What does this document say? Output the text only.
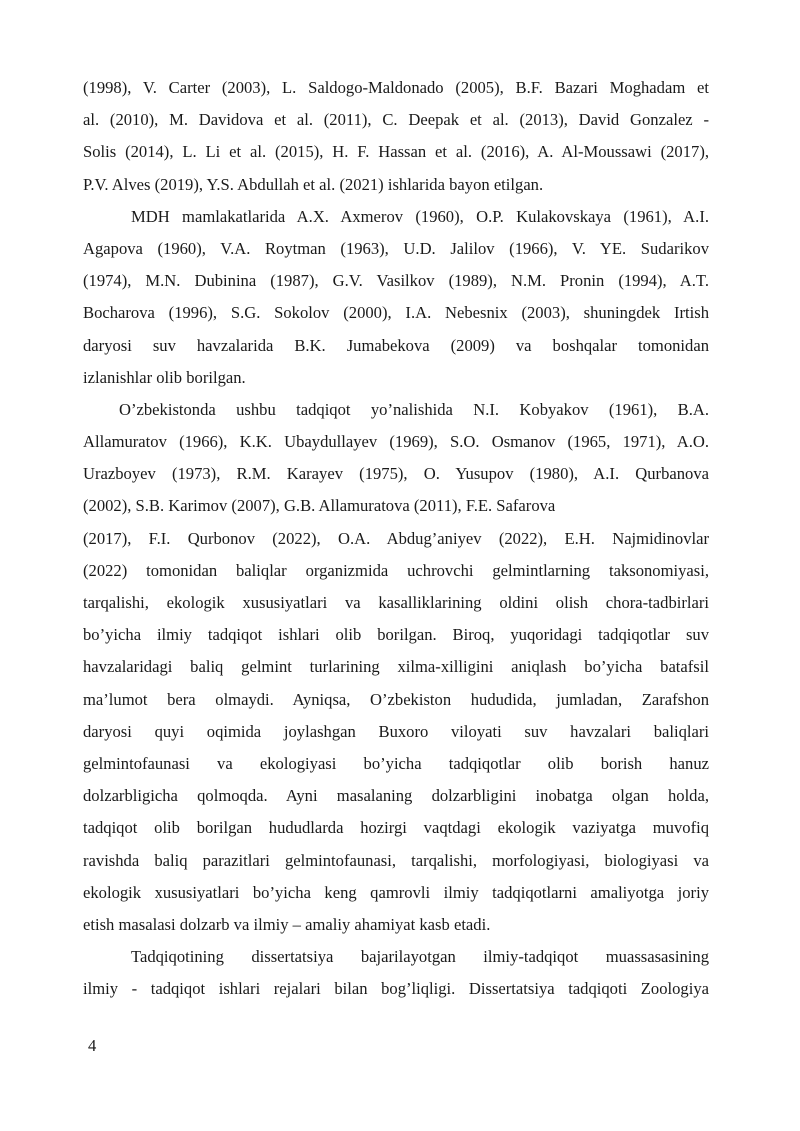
(1998), V. Carter (2003), L. Saldogo-Maldonado (2005), B.F. Bazari Moghadam et
al. (2010), M. Davidova et al. (2011), C. Deepak et al. (2013), David Gonzalez -
Solis (2014), L. Li et al. (2015), H. F. Hassan et al. (2016), A. Al-Moussawi (2017),
P.V. Alves (2019), Y.S. Abdullah et al. (2021) ishlarida bayon etilgan.
MDH mamlakatlarida A.X. Axmerov (1960), O.P. Kulakovskaya (1961), A.I.
Agapova (1960), V.A. Roytman (1963), U.D. Jalilov (1966), V. YE. Sudarikov
(1974), M.N. Dubinina (1987), G.V. Vasilkov (1989), N.M. Pronin (1994), A.T.
Bocharova (1996), S.G. Sokolov (2000), I.A. Nebesnix (2003), shuningdek Irtish
daryosi suv havzalarida B.K. Jumabekova (2009) va boshqalar tomonidan
izlanishlar olib borilgan.
O’zbekistonda ushbu tadqiqot yo’nalishida N.I. Kobyakov (1961), B.A.
Allamuratov (1966), K.K. Ubaydullayev (1969), S.O. Osmanov (1965, 1971), A.O.
Urazboyev (1973), R.M. Karayev (1975), O. Yusupov (1980), A.I. Qurbanova
(2002), S.B. Karimov (2007), G.B. Allamuratova (2011), F.E. Safarova
(2017), F.I. Qurbonov (2022), O.A. Abdug’aniyev (2022), E.H. Najmidinovlar
(2022) tomonidan baliqlar organizmida uchrovchi gelmintlarning taksonomiyasi,
tarqalishi, ekologik xususiyatlari va kasalliklarining oldini olish chora-tadbirlari
bo’yicha ilmiy tadqiqot ishlari olib borilgan. Biroq, yuqoridagi tadqiqotlar suv
havzalaridagi baliq gelmint turlarining xilma-xilligini aniqlash bo’yicha batafsil
ma’lumot bera olmaydi. Ayniqsa, O’zbekiston hududida, jumladan, Zarafshon
daryosi quyi oqimida joylashgan Buxoro viloyati suv havzalari baliqlari
gelmintofaunasi va ekologiyasi bo’yicha tadqiqotlar olib borish hanuz
dolzarbligicha qolmoqda. Ayni masalaning dolzarbligini inobatga olgan holda,
tadqiqot olib borilgan hududlarda hozirgi vaqtdagi ekologik vaziyatga muvofiq
ravishda baliq parazitlari gelmintofaunasi, tarqalishi, morfologiyasi, biologiyasi va
ekologik xususiyatlari bo’yicha keng qamrovli ilmiy tadqiqotlarni amaliyotga joriy
etish masalasi dolzarb va ilmiy – amaliy ahamiyat kasb etadi.
Tadqiqotining dissertatsiya bajarilayotgan ilmiy-tadqiqot muassasasining
ilmiy - tadqiqot ishlari rejalari bilan bog’liqligi. Dissertatsiya tadqiqoti Zoologiya
4
